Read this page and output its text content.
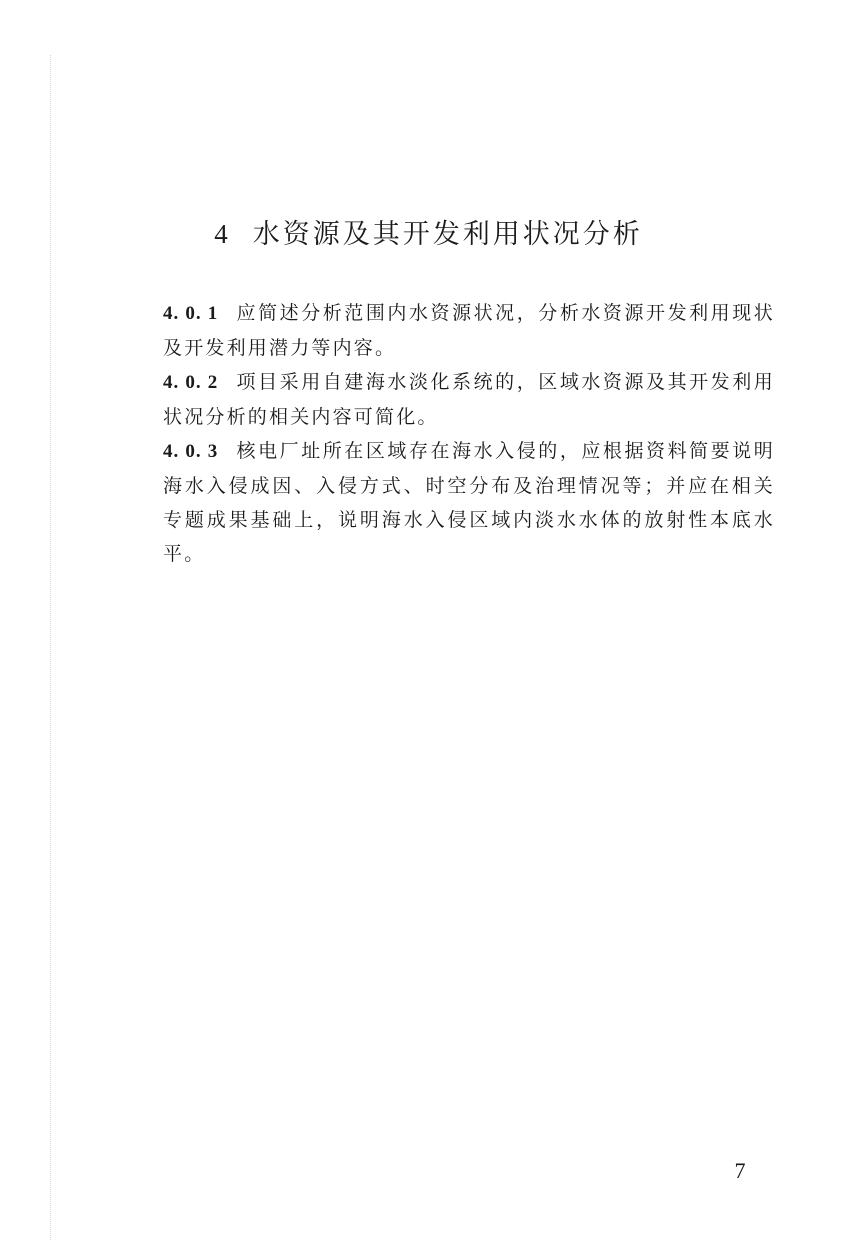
4 水资源及其开发利用状况分析

4. 0. 1 应简述分析范围内水资源状况，分析水资源开发利用现状及开发利用潜力等内容。

4. 0. 2 项目采用自建海水淡化系统的，区域水资源及其开发利用状况分析的相关内容可简化。

4. 0. 3 核电厂址所在区域存在海水入侵的，应根据资料简要说明海水入侵成因、入侵方式、时空分布及治理情况等；并应在相关专题成果基础上，说明海水入侵区域内淡水水体的放射性本底水平。

7
